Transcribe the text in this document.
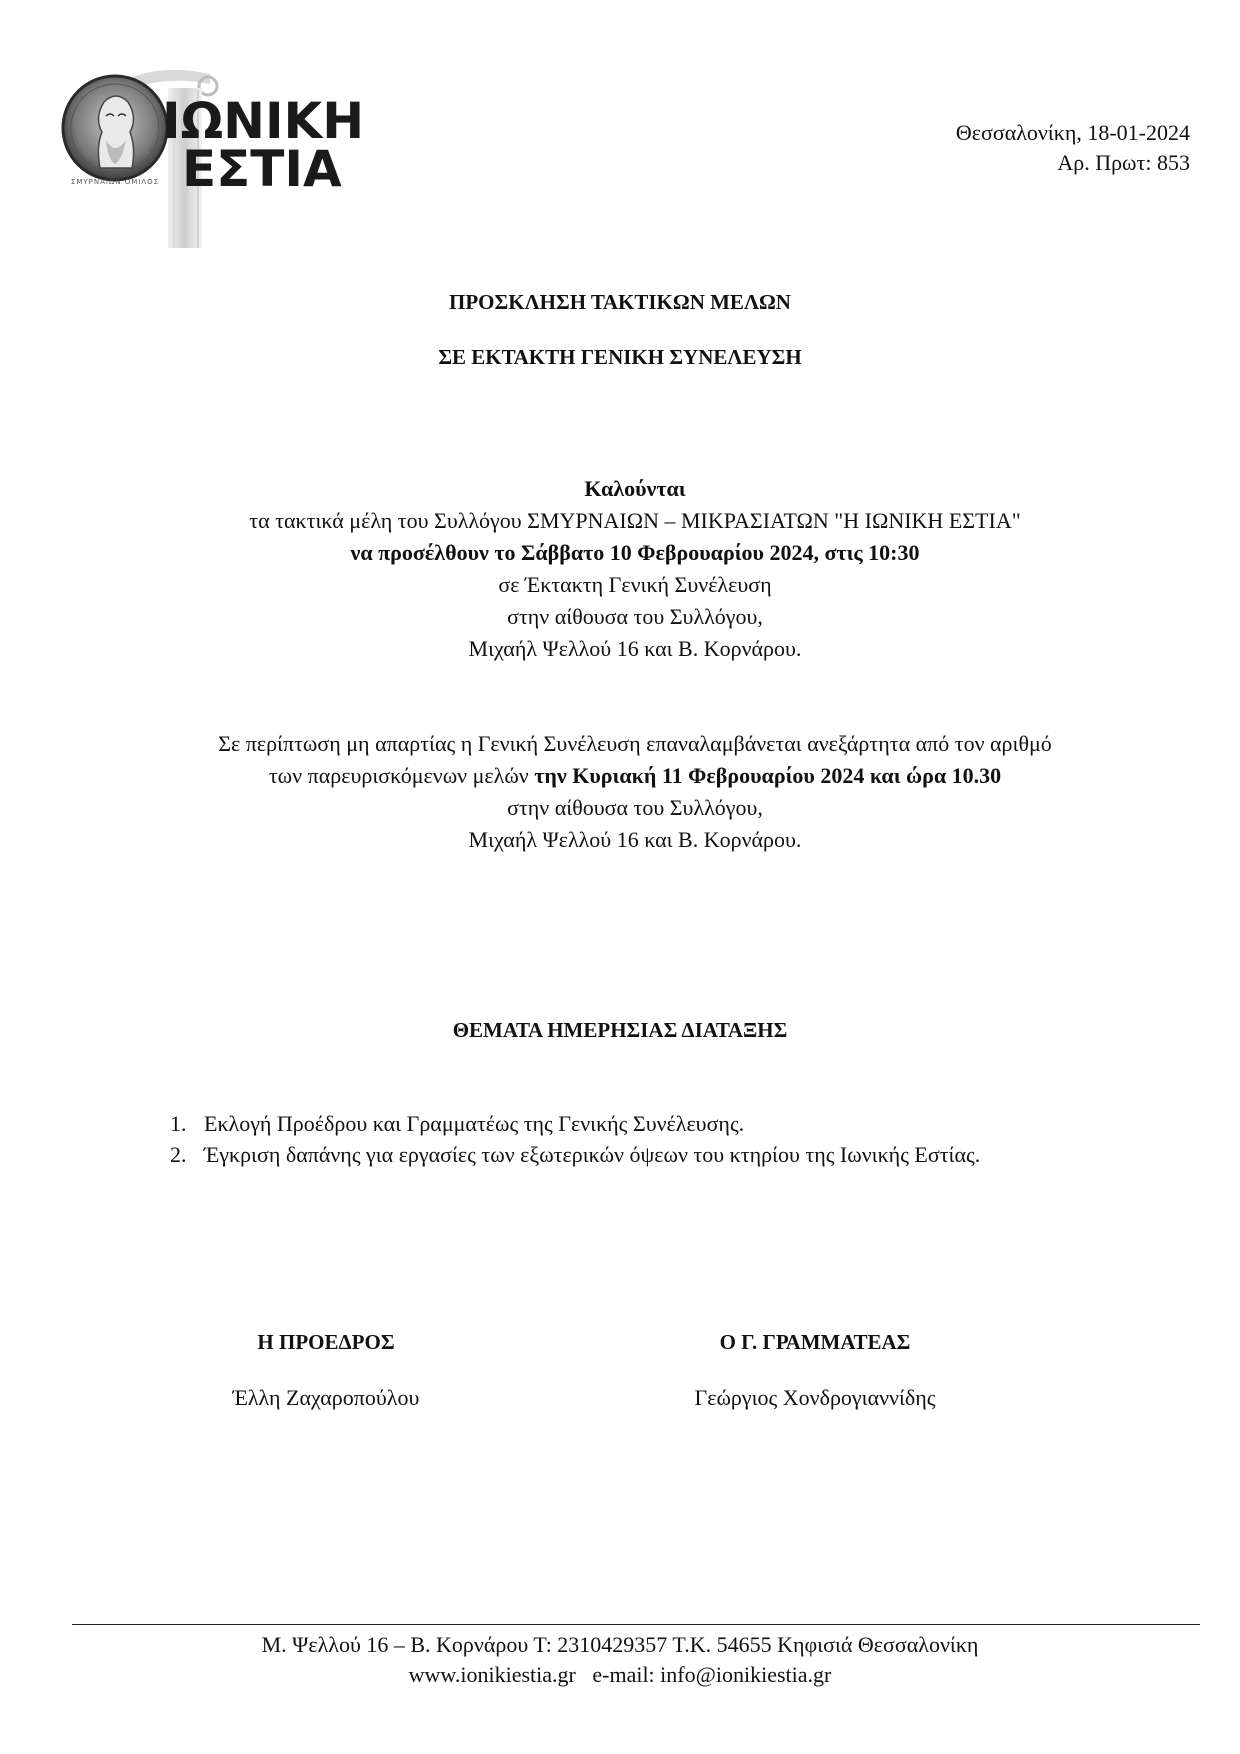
ΣΜΥΡΝΑΙΩΝ ΟΜΙΛΟΣ
ΙΩΝΙΚΗ
ΕΣΤΙΑ
Θεσσαλονίκη, 18-01-2024
Αρ. Πρωτ: 853
ΠΡΟΣΚΛΗΣΗ ΤΑΚΤΙΚΩΝ ΜΕΛΩΝ
ΣΕ ΕΚΤΑΚΤΗ ΓΕΝΙΚΗ ΣΥΝΕΛΕΥΣΗ
Καλούνται
τα τακτικά μέλη του Συλλόγου ΣΜΥΡΝΑΙΩΝ – ΜΙΚΡΑΣΙΑΤΩΝ "Η ΙΩΝΙΚΗ ΕΣΤΙΑ"
να προσέλθουν το Σάββατο 10 Φεβρουαρίου 2024, στις 10:30
σε Έκτακτη Γενική Συνέλευση
στην αίθουσα του Συλλόγου,
Μιχαήλ Ψελλού 16 και Β. Κορνάρου.
Σε περίπτωση μη απαρτίας η Γενική Συνέλευση επαναλαμβάνεται ανεξάρτητα από τον αριθμό
των παρευρισκόμενων μελών την Κυριακή 11 Φεβρουαρίου 2024 και ώρα 10.30
στην αίθουσα του Συλλόγου,
Μιχαήλ Ψελλού 16 και Β. Κορνάρου.
ΘΕΜΑΤΑ ΗΜΕΡΗΣΙΑΣ ΔΙΑΤΑΞΗΣ
1. Εκλογή Προέδρου και Γραμματέως της Γενικής Συνέλευσης.
2. Έγκριση δαπάνης για εργασίες των εξωτερικών όψεων του κτηρίου της Ιωνικής Εστίας.
Η ΠΡΟΕΔΡΟΣ
Έλλη Ζαχαροπούλου
Ο Γ. ΓΡΑΜΜΑΤΕΑΣ
Γεώργιος Χονδρογιαννίδης
Μ. Ψελλού 16 – Β. Κορνάρου Τ: 2310429357 Τ.Κ. 54655 Κηφισιά Θεσσαλονίκη
www.ionikiestia.gr e-mail: info@ionikiestia.gr
